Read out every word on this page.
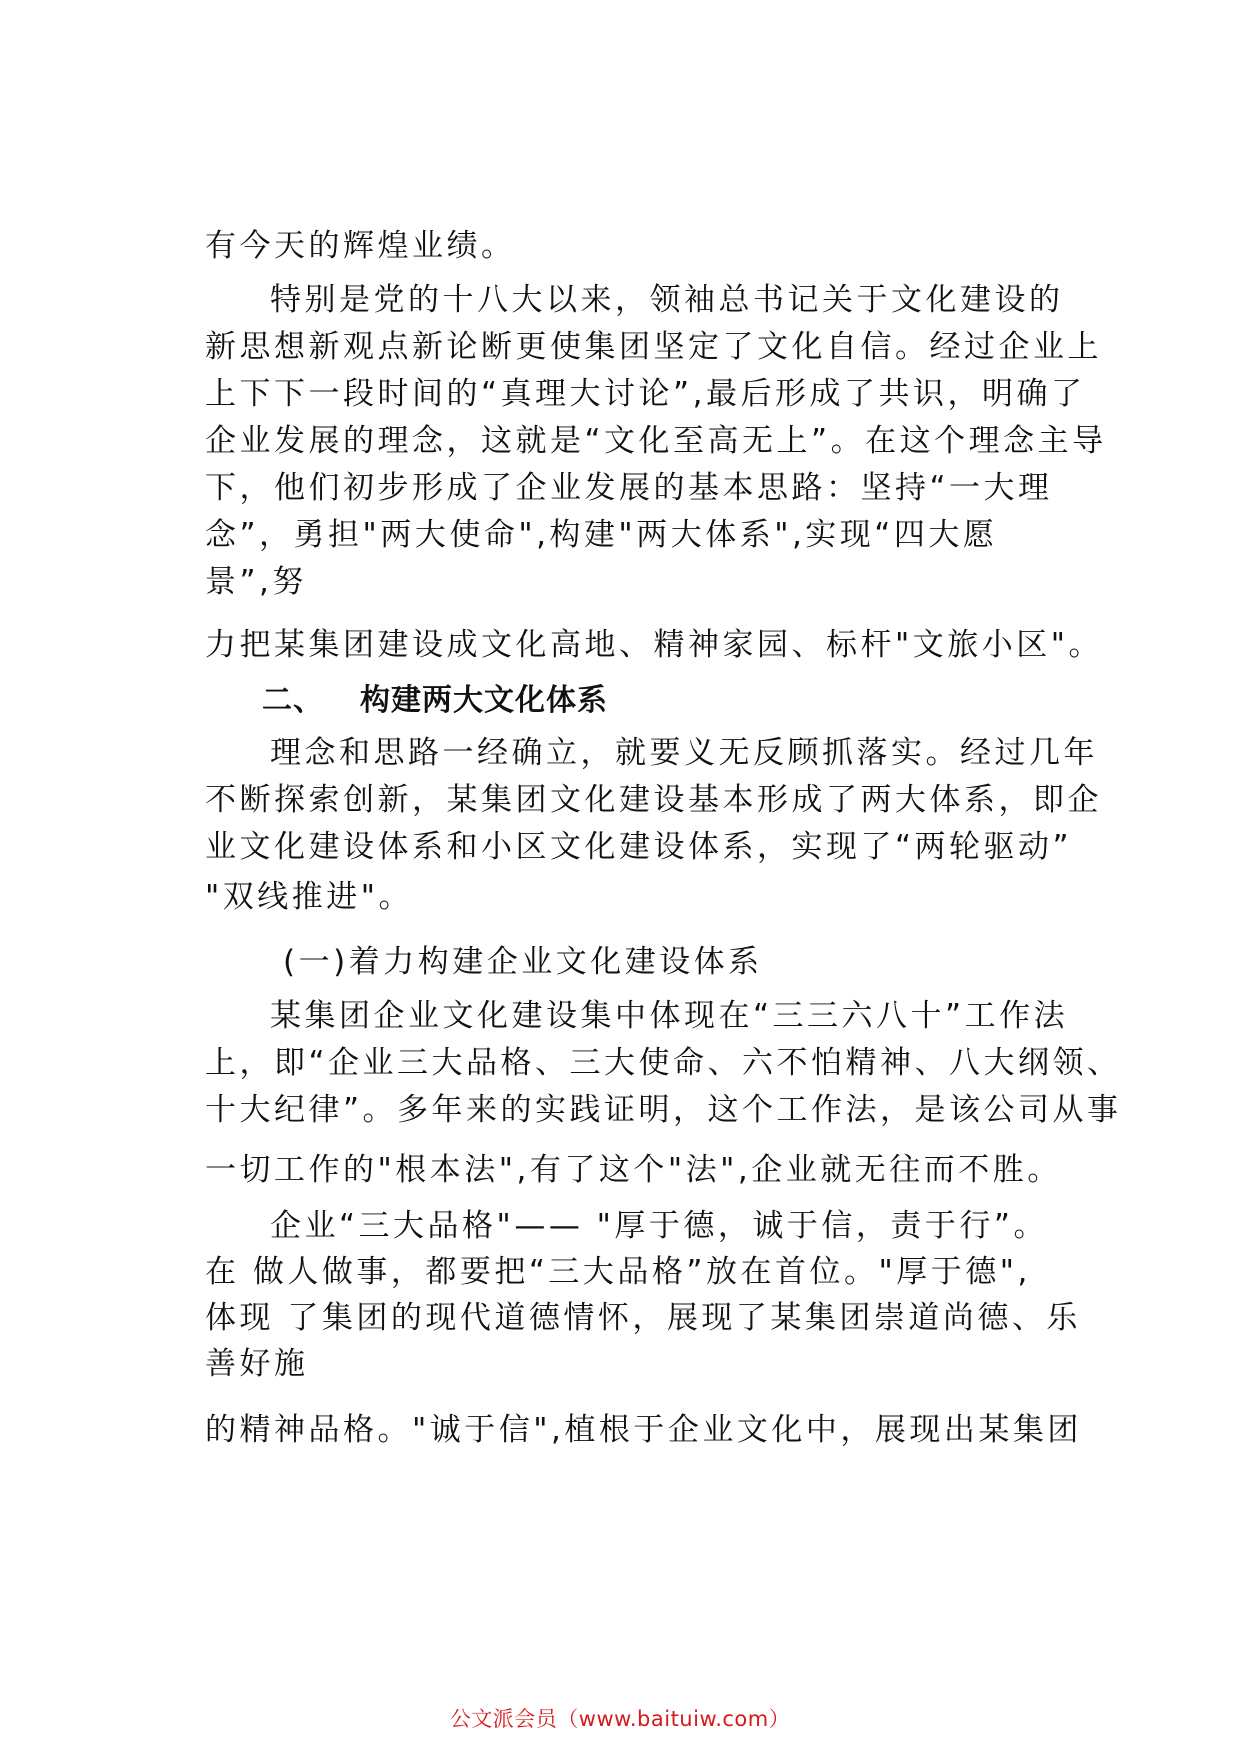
有今天的辉煌业绩。

特别是党的十八大以来，领袖总书记关于文化建设的

新思想新观点新论断更使集团坚定了文化自信。经过企业上

上下下一段时间的“真理大讨论”,最后形成了共识，明确了

企业发展的理念，这就是“文化至高无上”。在这个理念主导

下，他们初步形成了企业发展的基本思路：坚持“一大理

念”，勇担"两大使命",构建"两大体系",实现“四大愿

景”,努

力把某集团建设成文化高地、精神家园、标杆"文旅小区"。

二、 构建两大文化体系

理念和思路一经确立，就要义无反顾抓落实。经过几年

不断探索创新，某集团文化建设基本形成了两大体系，即企

业文化建设体系和小区文化建设体系，实现了“两轮驱动”

"双线推进"。

(一)着力构建企业文化建设体系

某集团企业文化建设集中体现在“三三六八十”工作法

上，即“企业三大品格、三大使命、六不怕精神、八大纲领、

十大纪律”。多年来的实践证明，这个工作法，是该公司从事

一切工作的"根本法",有了这个"法",企业就无往而不胜。

企业“三大品格"—— "厚于德，诚于信，责于行”。

在 做人做事，都要把“三大品格”放在首位。"厚于德",

体现 了集团的现代道德情怀，展现了某集团崇道尚德、乐

善好施

的精神品格。"诚于信",植根于企业文化中，展现出某集团

公文派会员（www.baituiw.com）
